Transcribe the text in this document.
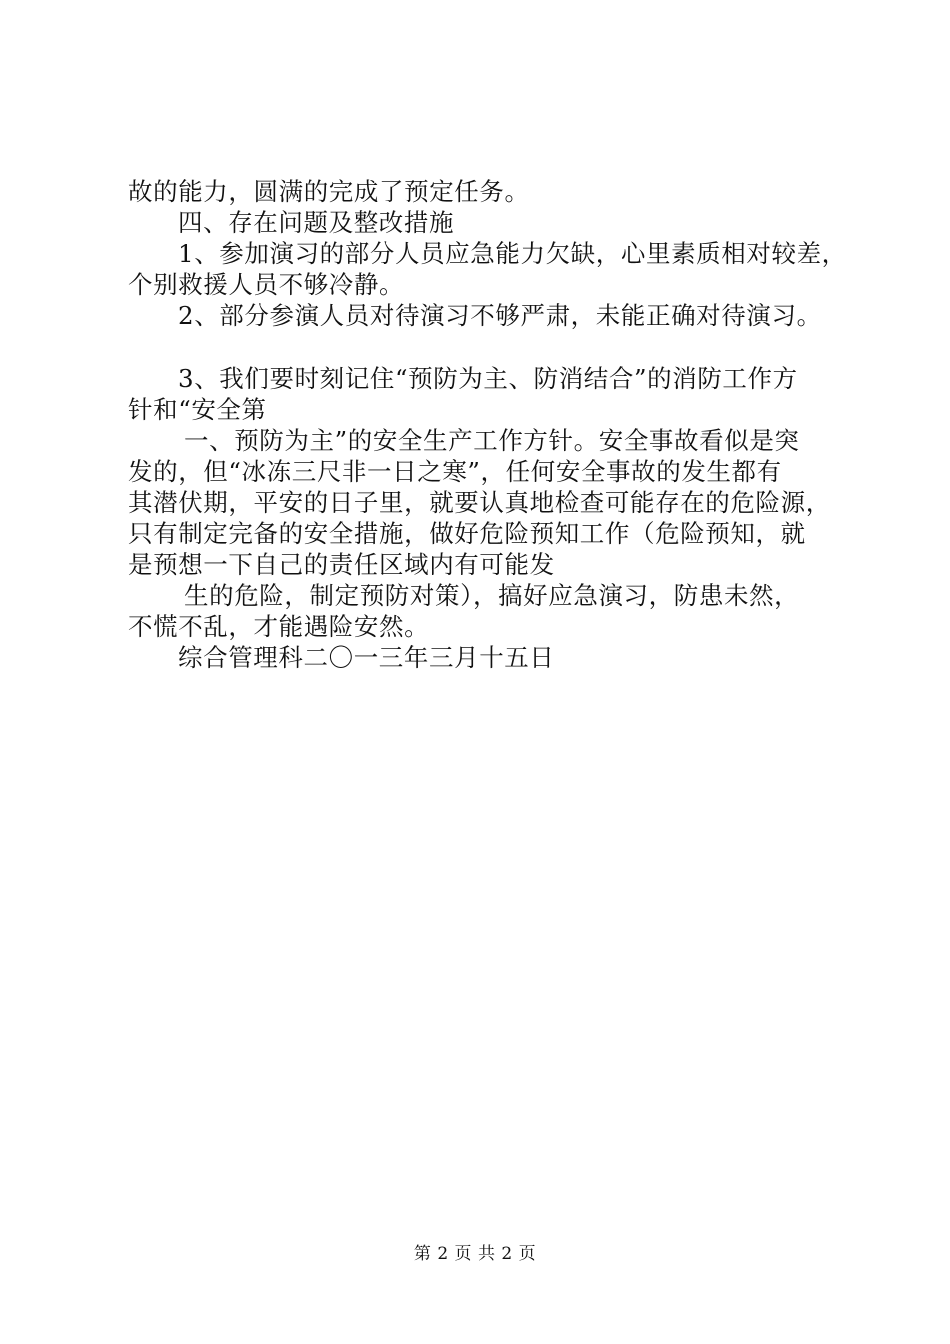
故的能力，圆满的完成了预定任务。
四、存在问题及整改措施
1、参加演习的部分人员应急能力欠缺，心里素质相对较差，
个别救援人员不够冷静。
2、部分参演人员对待演习不够严肃，未能正确对待演习。
3、我们要时刻记住“预防为主、防消结合”的消防工作方
针和“安全第
一、预防为主”的安全生产工作方针。安全事故看似是突
发的，但“冰冻三尺非一日之寒”，任何安全事故的发生都有
其潜伏期，平安的日子里，就要认真地检查可能存在的危险源，
只有制定完备的安全措施，做好危险预知工作（危险预知，就
是预想一下自己的责任区域内有可能发
生的危险，制定预防对策），搞好应急演习，防患未然，
不慌不乱，才能遇险安然。
综合管理科二〇一三年三月十五日
第 2 页 共 2 页
